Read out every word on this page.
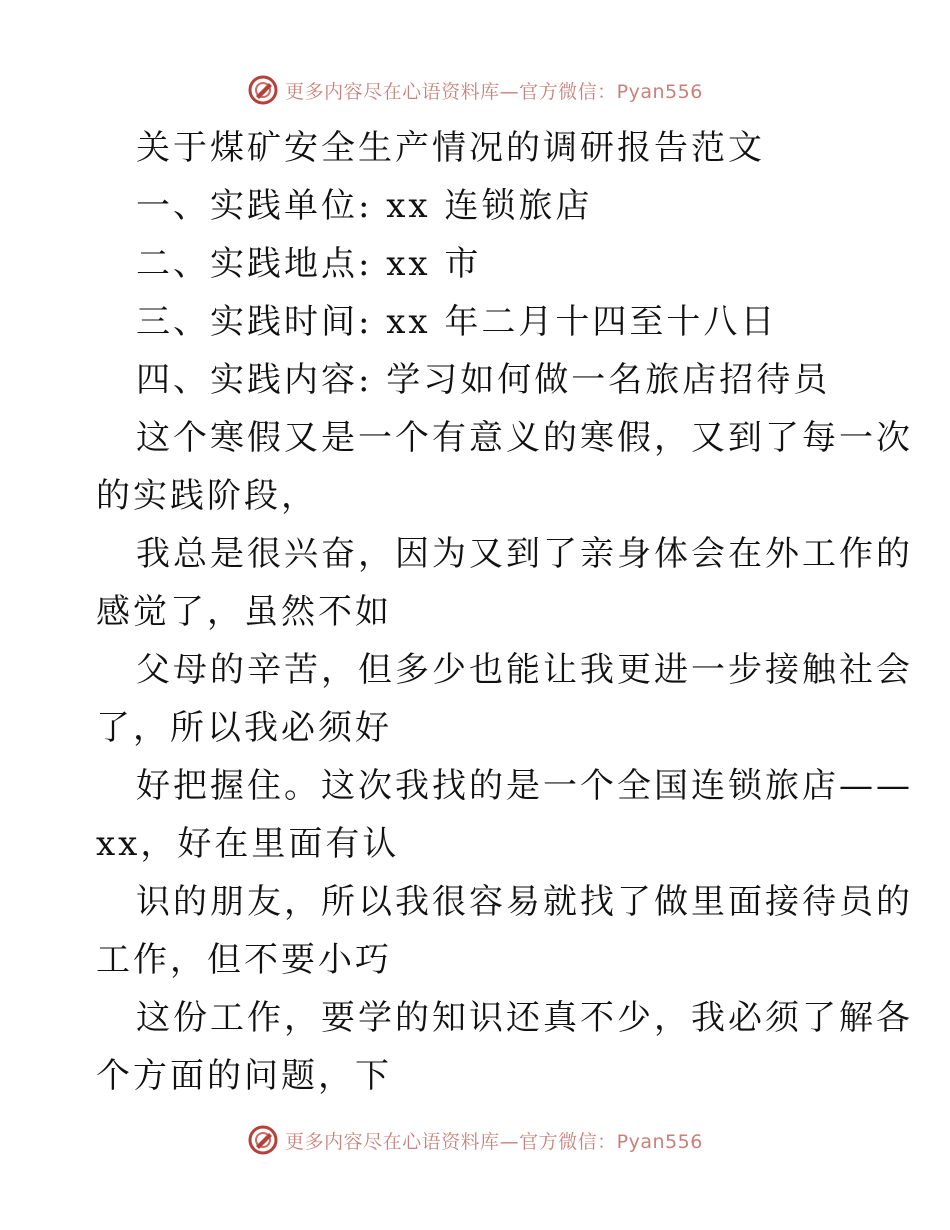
更多内容尽在心语资料库—官方微信：Pyan556
关于煤矿安全生产情况的调研报告范文
一、实践单位: xx 连锁旅店
二、实践地点: xx 市
三、实践时间: xx 年二月十四至十八日
四、实践内容: 学习如何做一名旅店招待员
这个寒假又是一个有意义的寒假，又到了每一次
的实践阶段，
我总是很兴奋，因为又到了亲身体会在外工作的
感觉了，虽然不如
父母的辛苦，但多少也能让我更进一步接触社会
了，所以我必须好
好把握住。这次我找的是一个全国连锁旅店——
xx，好在里面有认
识的朋友，所以我很容易就找了做里面接待员的
工作，但不要小巧
这份工作，要学的知识还真不少，我必须了解各
个方面的问题，下
更多内容尽在心语资料库—官方微信：Pyan556
